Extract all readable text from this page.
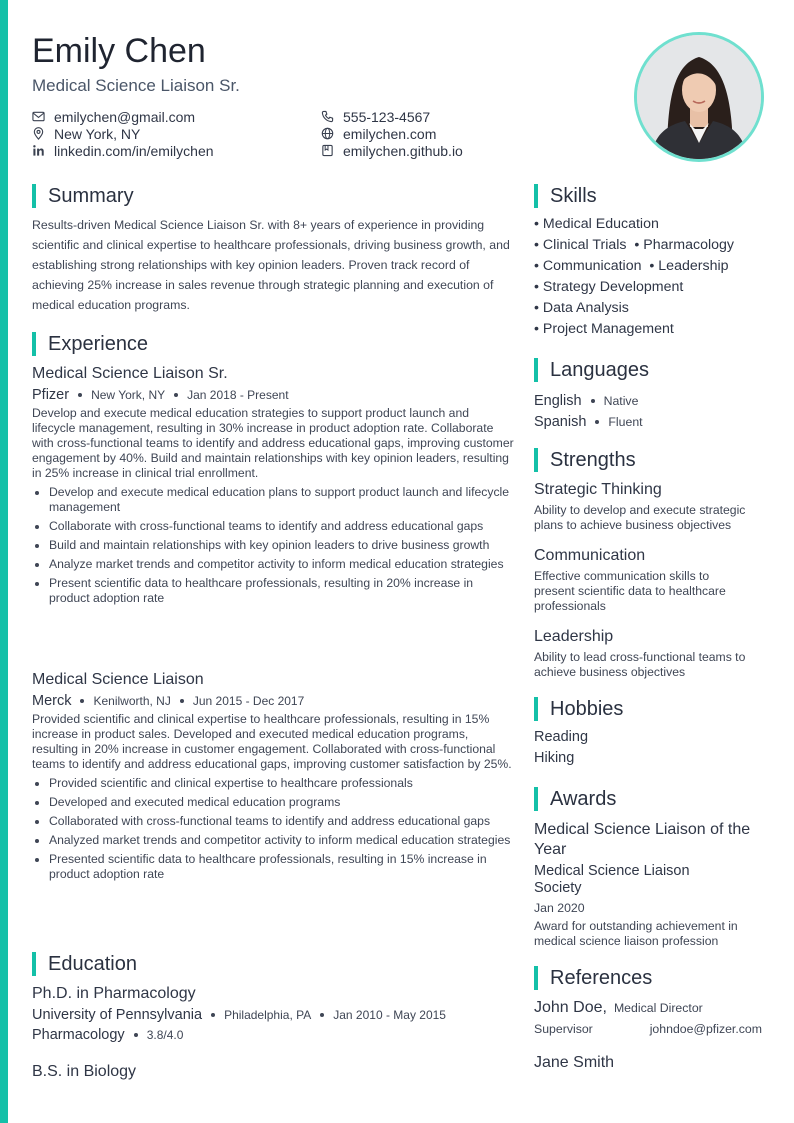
Emily Chen
Medical Science Liaison Sr.
emilychen@gmail.com
New York, NY
linkedin.com/in/emilychen
555-123-4567
emilychen.com
emilychen.github.io
Summary
Results-driven Medical Science Liaison Sr. with 8+ years of experience in providing scientific and clinical expertise to healthcare professionals, driving business growth, and establishing strong relationships with key opinion leaders. Proven track record of achieving 25% increase in sales revenue through strategic planning and execution of medical education programs.
Experience
Medical Science Liaison Sr.
Pfizer New York, NY Jan 2018 - Present
Develop and execute medical education strategies to support product launch and lifecycle management, resulting in 30% increase in product adoption rate. Collaborate with cross-functional teams to identify and address educational gaps, improving customer engagement by 40%. Build and maintain relationships with key opinion leaders, resulting in 25% increase in clinical trial enrollment.
Develop and execute medical education plans to support product launch and lifecycle management
Collaborate with cross-functional teams to identify and address educational gaps
Build and maintain relationships with key opinion leaders to drive business growth
Analyze market trends and competitor activity to inform medical education strategies
Present scientific data to healthcare professionals, resulting in 20% increase in product adoption rate
Medical Science Liaison
Merck Kenilworth, NJ Jun 2015 - Dec 2017
Provided scientific and clinical expertise to healthcare professionals, resulting in 15% increase in product sales. Developed and executed medical education programs, resulting in 20% increase in customer engagement. Collaborated with cross-functional teams to identify and address educational gaps, improving customer satisfaction by 25%.
Provided scientific and clinical expertise to healthcare professionals
Developed and executed medical education programs
Collaborated with cross-functional teams to identify and address educational gaps
Analyzed market trends and competitor activity to inform medical education strategies
Presented scientific data to healthcare professionals, resulting in 15% increase in product adoption rate
Education
Ph.D. in Pharmacology
University of Pennsylvania Philadelphia, PA Jan 2010 - May 2015
Pharmacology 3.8/4.0
B.S. in Biology
Skills
• Medical Education
• Clinical Trials  • Pharmacology
• Communication  • Leadership
• Strategy Development
• Data Analysis
• Project Management
Languages
English Native
Spanish Fluent
Strengths
Strategic Thinking
Ability to develop and execute strategic plans to achieve business objectives
Communication
Effective communication skills to present scientific data to healthcare professionals
Leadership
Ability to lead cross-functional teams to achieve business objectives
Hobbies
Reading
Hiking
Awards
Medical Science Liaison of the Year
Medical Science Liaison Society
Jan 2020
Award for outstanding achievement in medical science liaison profession
References
John Doe, Medical Director
Supervisor	johndoe@pfizer.com
Jane Smith
